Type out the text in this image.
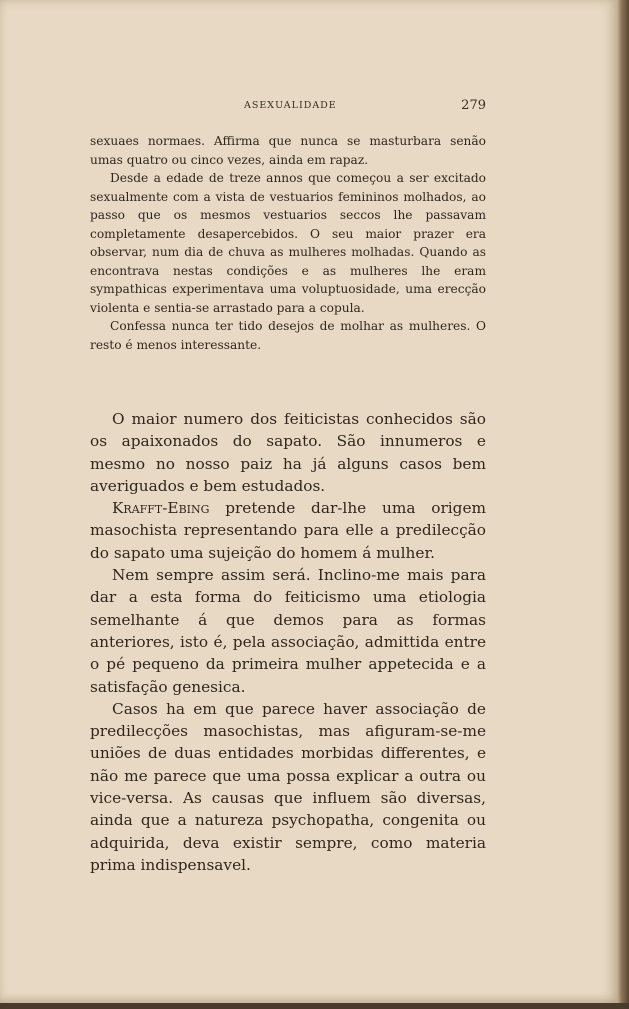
ASEXUALIDADE	279

sexuaes normaes. Affirma que nunca se masturbara senão umas quatro ou cinco vezes, ainda em rapaz.

Desde a edade de treze annos que começou a ser excitado sexualmente com a vista de vestuarios femininos molhados, ao passo que os mesmos vestuarios seccos lhe passavam completamente desapercebidos. O seu maior prazer era observar, num dia de chuva as mulheres molhadas. Quando as encontrava nestas condições e as mulheres lhe eram sympathicas experimentava uma voluptuosidade, uma erecção violenta e sentia-se arrastado para a copula.

Confessa nunca ter tido desejos de molhar as mulheres. O resto é menos interessante.

O maior numero dos feiticistas conhecidos são os apaixonados do sapato. São innumeros e mesmo no nosso paiz ha já alguns casos bem averiguados e bem estudados.

Krafft-Ebing pretende dar-lhe uma origem masochista representando para elle a predilecção do sapato uma sujeição do homem á mulher.

Nem sempre assim será. Inclino-me mais para dar a esta forma do feiticismo uma etiologia semelhante á que demos para as formas anteriores, isto é, pela associação, admittida entre o pé pequeno da primeira mulher appetecida e a satisfação genesica.

Casos ha em que parece haver associação de predilecções masochistas, mas afiguram-se-me uniões de duas entidades morbidas differentes, e não me parece que uma possa explicar a outra ou vice-versa. As causas que influem são diversas, ainda que a natureza psychopatha, congenita ou adquirida, deva existir sempre, como materia prima indispensavel.
